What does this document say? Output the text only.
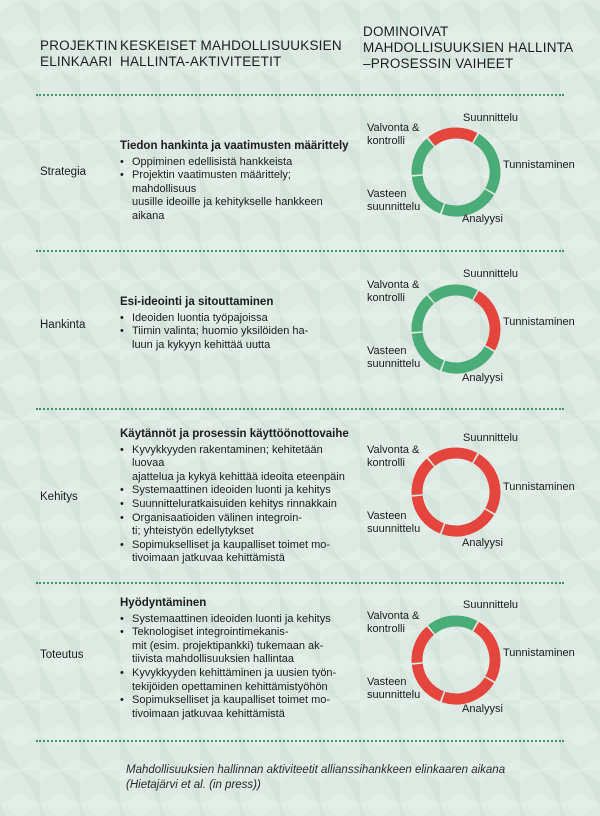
PROJEKTIN
ELINKAARI
KESKEISET MAHDOLLISUUKSIEN
HALLINTA-AKTIVITEETIT
DOMINOIVAT
MAHDOLLISUUKSIEN HALLINTA
–PROSESSIN VAIHEET
Strategia
Tiedon hankinta ja vaatimusten määrittely
• Oppiminen edellisistä hankkeista
• Projektin vaatimusten määrittely; mahdollisuus
uusille ideoille ja kehitykselle hankkeen aikana
Valvonta &
kontrolli
Suunnittelu
Tunnistaminen
Analyysi
Vasteen
suunnittelu
Hankinta
Esi-ideointi ja sitouttaminen
• Ideoiden luontia työpajoissa
• Tiimin valinta; huomio yksilöiden ha-
luun ja kykyyn kehittää uutta
Valvonta &
kontrolli
Suunnittelu
Tunnistaminen
Analyysi
Vasteen
suunnittelu
Kehitys
Käytännöt ja prosessin käyttöönottovaihe
• Kyvykkyyden rakentaminen; kehitetään luovaa
ajattelua ja kykyä kehittää ideoita eteenpäin
• Systemaattinen ideoiden luonti ja kehitys
• Suunnitteluratkaisuiden kehitys rinnakkain
• Organisaatioiden välinen integroin-
ti; yhteistyön edellytykset
• Sopimukselliset ja kaupalliset toimet mo-
tivoimaan jatkuvaa kehittämistä
Valvonta &
kontrolli
Suunnittelu
Tunnistaminen
Analyysi
Vasteen
suunnittelu
Toteutus
Hyödyntäminen
• Systemaattinen ideoiden luonti ja kehitys
• Teknologiset integrointimekanis-
mit (esim. projektipankki) tukemaan ak-
tiivista mahdollisuuksien hallintaa
• Kyvykkyyden kehittäminen ja uusien työn-
tekijöiden opettaminen kehittämistyöhön
• Sopimukselliset ja kaupalliset toimet mo-
tivoimaan jatkuvaa kehittämistä
Valvonta &
kontrolli
Suunnittelu
Tunnistaminen
Analyysi
Vasteen
suunnittelu
Mahdollisuuksien hallinnan aktiviteetit allianssihankkeen elinkaaren aikana
(Hietajärvi et al. (in press))
